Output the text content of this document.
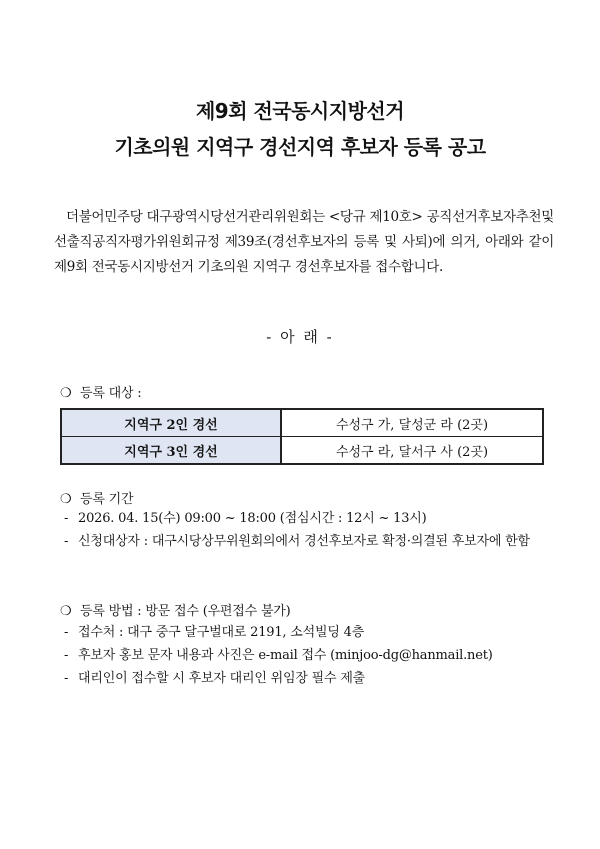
제9회 전국동시지방선거
기초의원 지역구 경선지역 후보자 등록 공고
더불어민주당 대구광역시당선거관리위원회는 <당규 제10호> 공직선거후보자추천및선출직공직자평가위원회규정 제39조(경선후보자의 등록 및 사퇴)에 의거, 아래와 같이 제9회 전국동시지방선거 기초의원 지역구 경선후보자를 접수합니다.
- 아 래 -
❍ 등록 대상 :
지역구 2인 경선	수성구 가, 달성군 라 (2곳)
지역구 3인 경선	수성구 라, 달서구 사 (2곳)
❍ 등록 기간
- 2026. 04. 15(수) 09:00 ~ 18:00 (점심시간 : 12시 ~ 13시)
- 신청대상자 : 대구시당상무위원회의에서 경선후보자로 확정·의결된 후보자에 한함
❍ 등록 방법 : 방문 접수 (우편접수 불가)
- 접수처 : 대구 중구 달구벌대로 2191, 소석빌딩 4층
- 후보자 홍보 문자 내용과 사진은 e-mail 접수 (minjoo-dg@hanmail.net)
- 대리인이 접수할 시 후보자 대리인 위임장 필수 제출
